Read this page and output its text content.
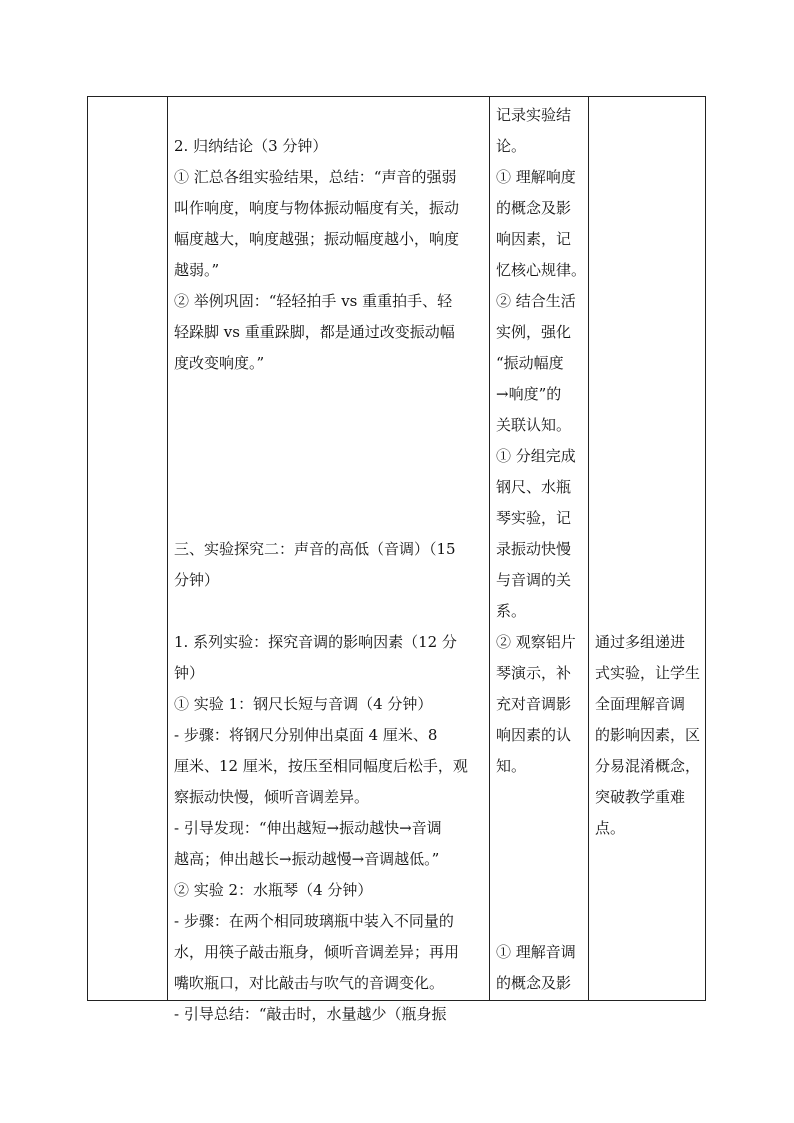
2. 归纳结论（3 分钟）
① 汇总各组实验结果，总结：“声音的强弱
叫作响度，响度与物体振动幅度有关，振动
幅度越大，响度越强；振动幅度越小，响度
越弱。”
② 举例巩固：“轻轻拍手 vs 重重拍手、轻
轻跺脚 vs 重重跺脚，都是通过改变振动幅
度改变响度。”
三、实验探究二：声音的高低（音调）（15
分钟）
1. 系列实验：探究音调的影响因素（12 分
钟）
① 实验 1：钢尺长短与音调（4 分钟）
- 步骤：将钢尺分别伸出桌面 4 厘米、8
厘米、12 厘米，按压至相同幅度后松手，观
察振动快慢，倾听音调差异。
- 引导发现：“伸出越短→振动越快→音调
越高；伸出越长→振动越慢→音调越低。”
② 实验 2：水瓶琴（4 分钟）
- 步骤：在两个相同玻璃瓶中装入不同量的
水，用筷子敲击瓶身，倾听音调差异；再用
嘴吹瓶口，对比敲击与吹气的音调变化。
- 引导总结：“敲击时，水量越少（瓶身振
记录实验结
论。
① 理解响度
的概念及影
响因素，记
忆核心规律。
② 结合生活
实例，强化
“振动幅度
→响度”的
关联认知。
① 分组完成
钢尺、水瓶
琴实验，记
录振动快慢
与音调的关
系。
② 观察铝片
琴演示，补
充对音调影
响因素的认
知。
① 理解音调
的概念及影
通过多组递进
式实验，让学生
全面理解音调
的影响因素，区
分易混淆概念，
突破教学重难
点。
